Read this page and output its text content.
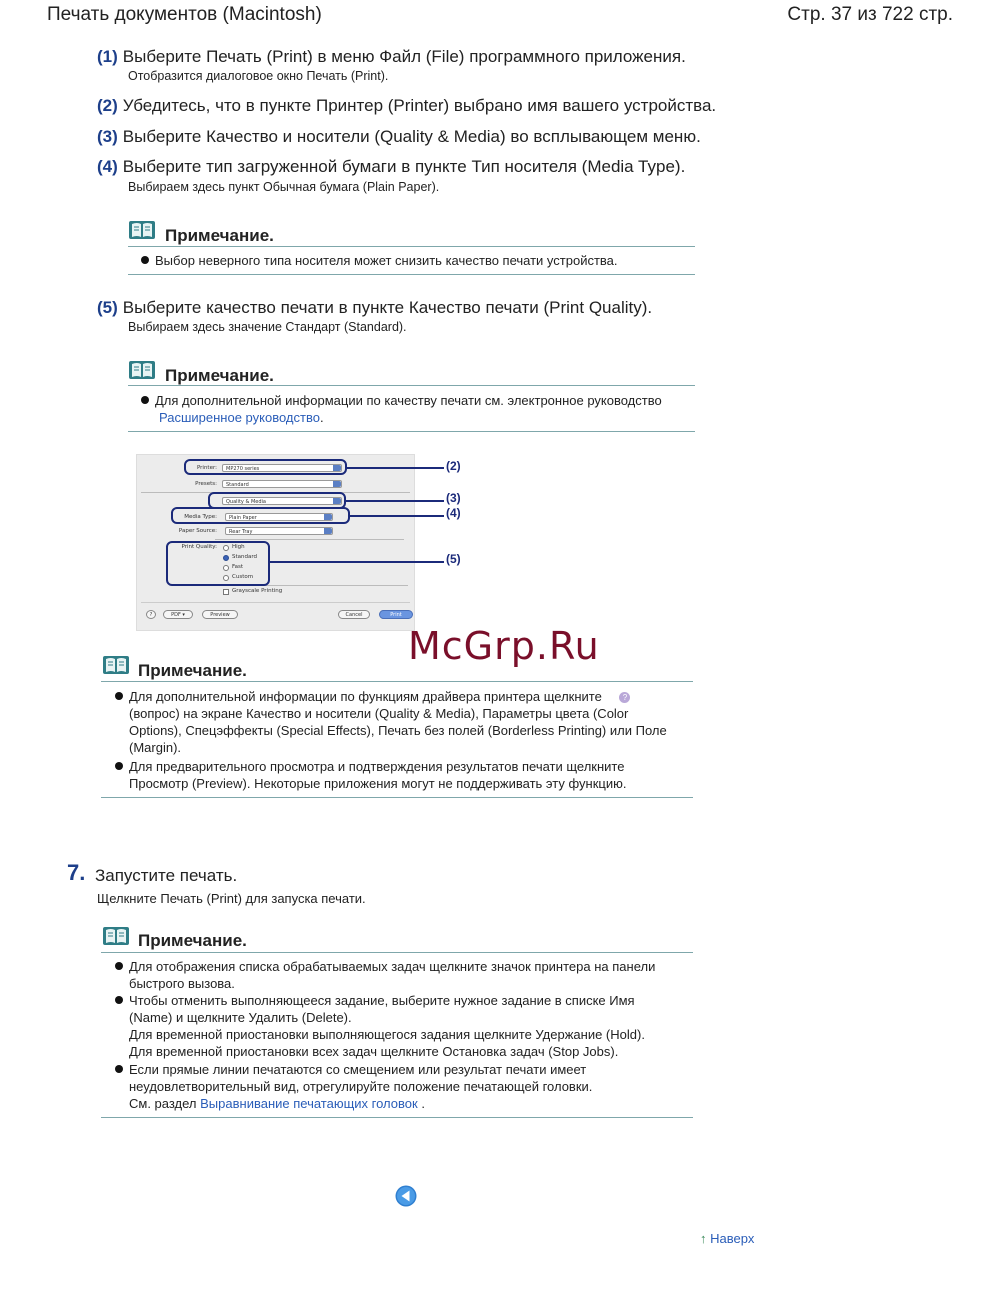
Печать документов (Macintosh)	Стр. 37 из 722 стр.
(1) Выберите Печать (Print) в меню Файл (File) программного приложения.
Отобразится диалоговое окно Печать (Print).
(2) Убедитесь, что в пункте Принтер (Printer) выбрано имя вашего устройства.
(3) Выберите Качество и носители (Quality & Media) во всплывающем меню.
(4) Выберите тип загруженной бумаги в пункте Тип носителя (Media Type).
Выбираем здесь пункт Обычная бумага (Plain Paper).
Примечание.
Выбор неверного типа носителя может снизить качество печати устройства.
(5) Выберите качество печати в пункте Качество печати (Print Quality).
Выбираем здесь значение Стандарт (Standard).
Примечание.
Для дополнительной информации по качеству печати см. электронное руководство
Расширенное руководство.
Printer:	MP270 series
Presets:	Standard
Quality & Media
Media Type:	Plain Paper
Paper Source:	Rear Tray
Print Quality:	High
Standard
Fast
Custom
Grayscale Printing
?	PDF ▾	Preview	Cancel	Print
(2)
(3)
(4)
(5)
McGrp.Ru
Примечание.
Для дополнительной информации по функциям драйвера принтера щелкните	?
(вопрос) на экране Качество и носители (Quality & Media), Параметры цвета (Color
Options), Спецэффекты (Special Effects), Печать без полей (Borderless Printing) или Поле
(Margin).
Для предварительного просмотра и подтверждения результатов печати щелкните
Просмотр (Preview). Некоторые приложения могут не поддерживать эту функцию.
7. Запустите печать.
Щелкните Печать (Print) для запуска печати.
Примечание.
Для отображения списка обрабатываемых задач щелкните значок принтера на панели
быстрого вызова.
Чтобы отменить выполняющееся задание, выберите нужное задание в списке Имя
(Name) и щелкните Удалить (Delete).
Для временной приостановки выполняющегося задания щелкните Удержание (Hold).
Для временной приостановки всех задач щелкните Остановка задач (Stop Jobs).
Если прямые линии печатаются со смещением или результат печати имеет
неудовлетворительный вид, отрегулируйте положение печатающей головки.
См. раздел Выравнивание печатающих головок .
↑ Наверх
